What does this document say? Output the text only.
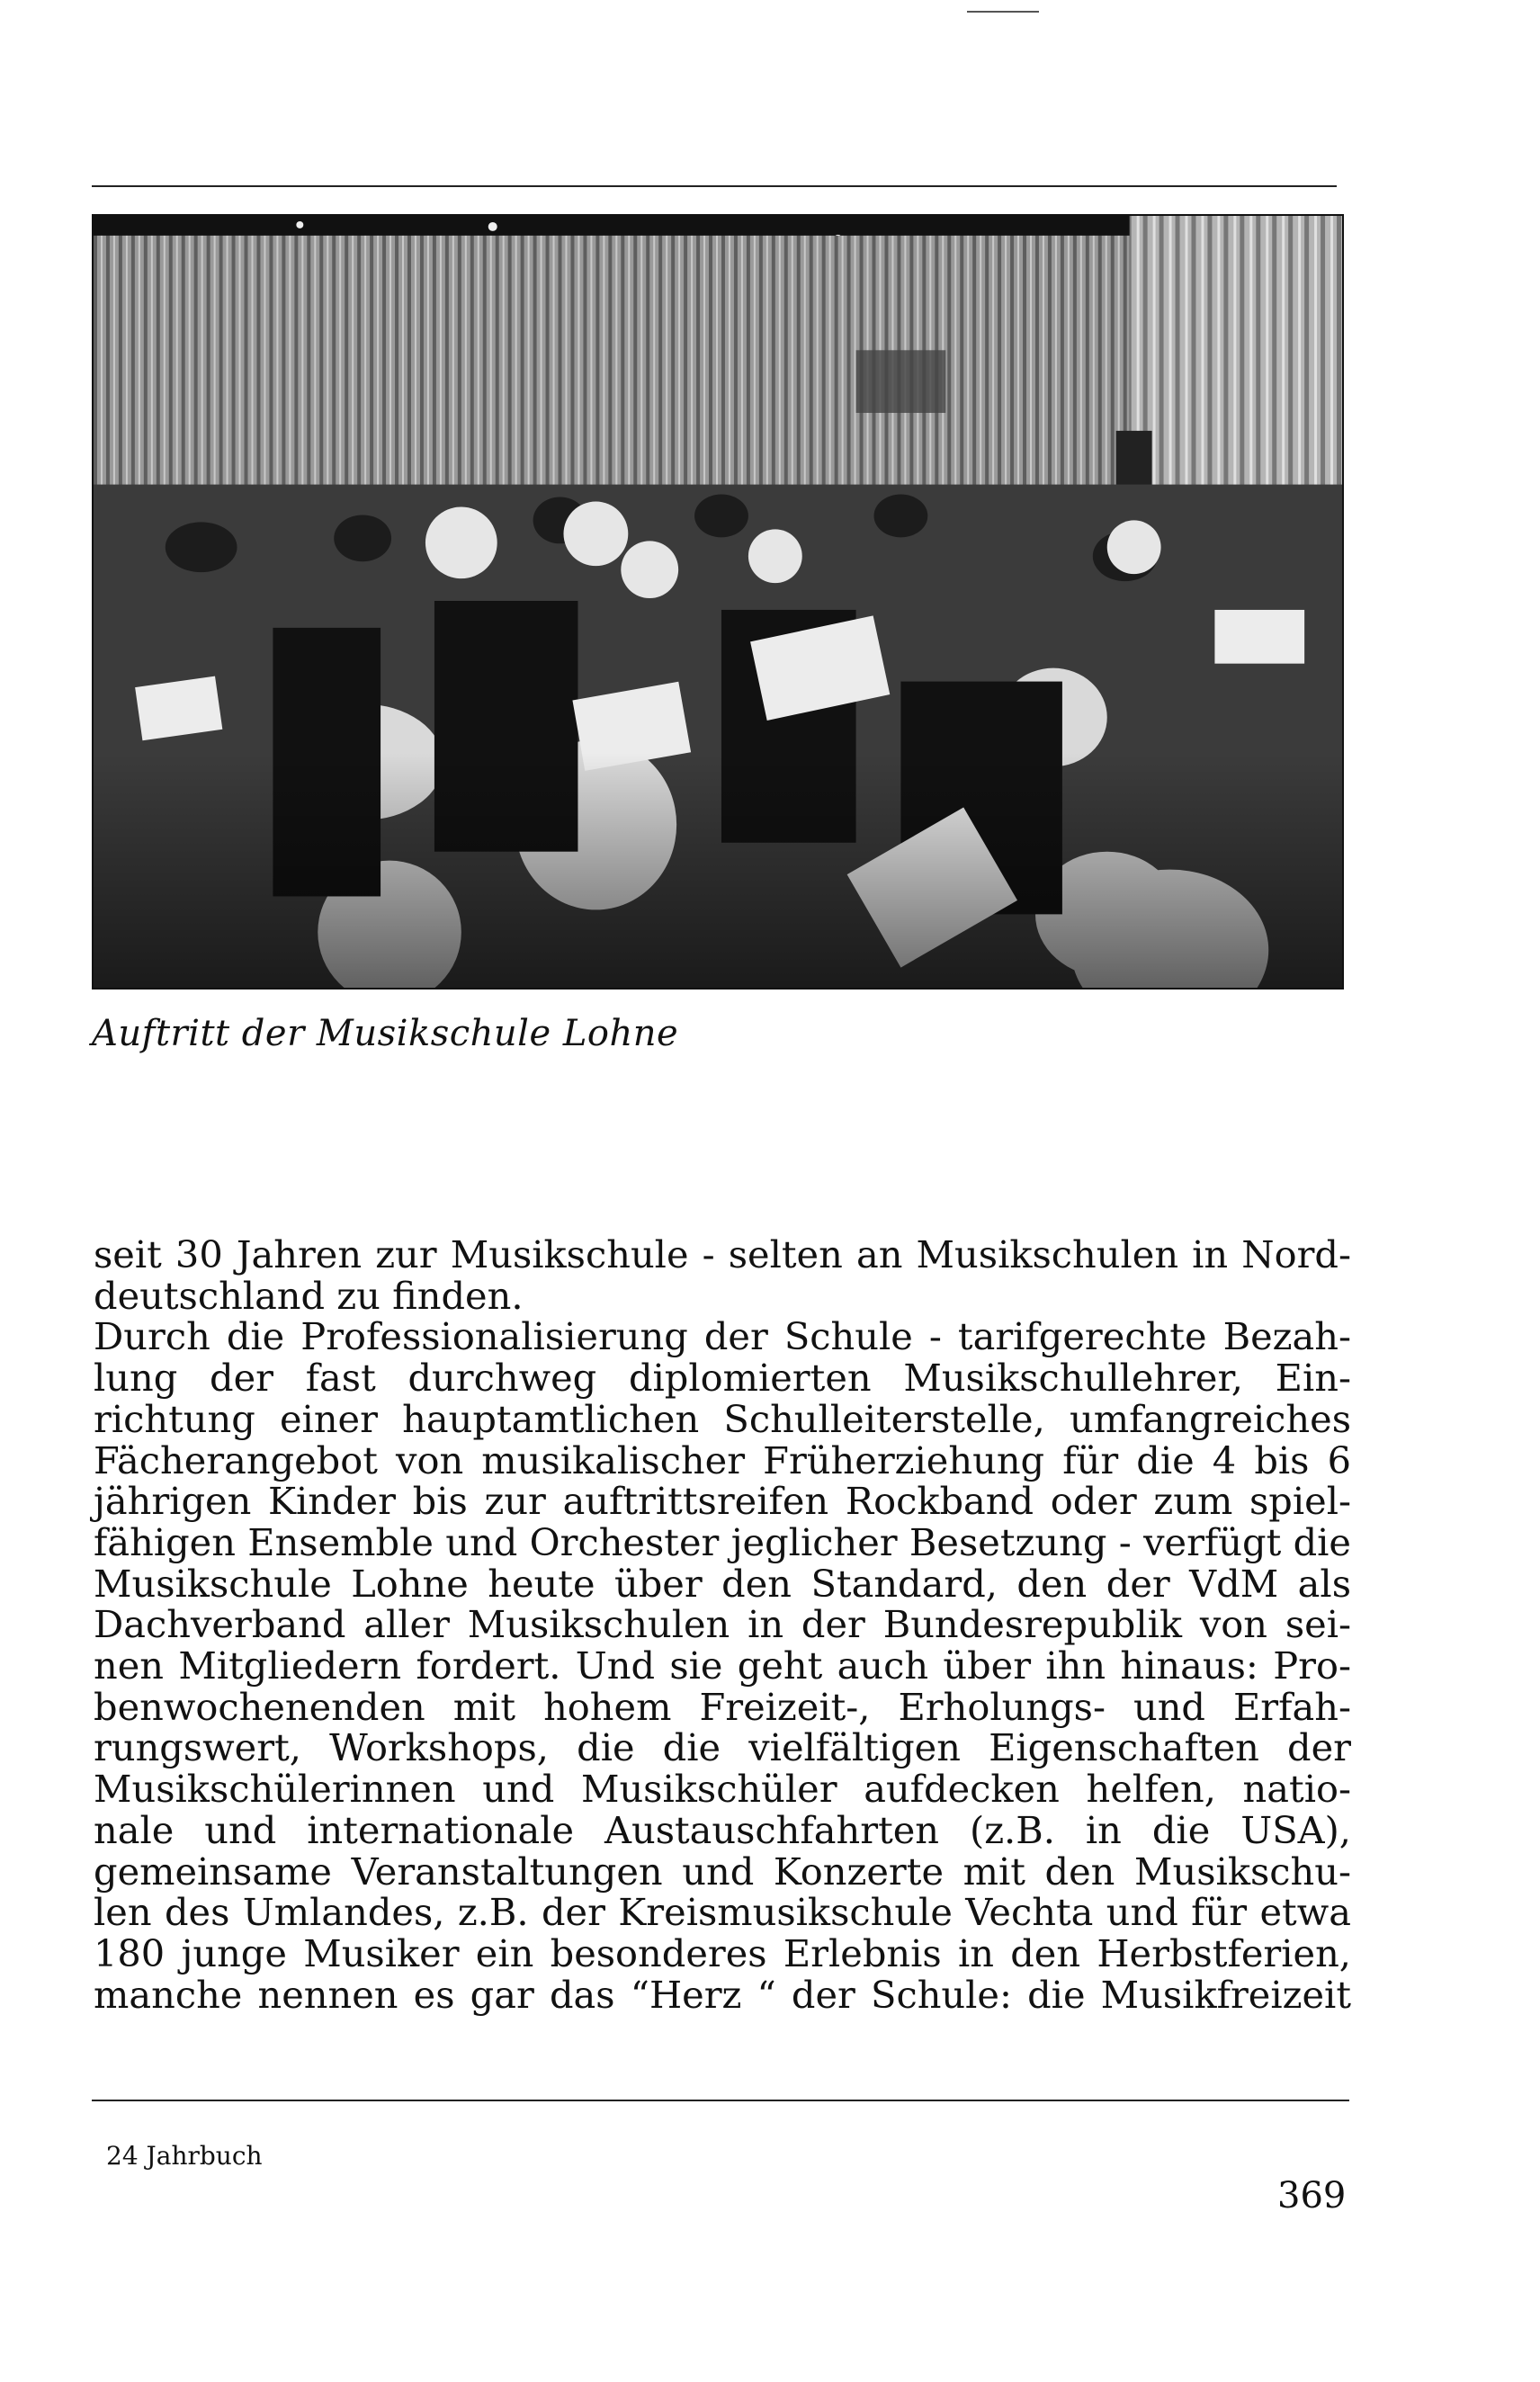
Auftritt der Musikschule Lohne

seit 30 Jahren zur Musikschule - selten an Musikschulen in Nord-

deutschland zu finden.

Durch die Professionalisierung der Schule - tarifgerechte Bezah-

lung der fast durchweg diplomierten Musikschullehrer, Ein-

richtung einer hauptamtlichen Schulleiterstelle, umfangreiches

Fächerangebot von musikalischer Früherziehung für die 4 bis 6

jährigen Kinder bis zur auftrittsreifen Rockband oder zum spiel-

fähigen Ensemble und Orchester jeglicher Besetzung - verfügt die

Musikschule Lohne heute über den Standard, den der VdM als

Dachverband aller Musikschulen in der Bundesrepublik von sei-

nen Mitgliedern fordert. Und sie geht auch über ihn hinaus: Pro-

benwochenenden mit hohem Freizeit-, Erholungs- und Erfah-

rungswert, Workshops, die die vielfältigen Eigenschaften der

Musikschülerinnen und Musikschüler aufdecken helfen, natio-

nale und internationale Austauschfahrten (z.B. in die USA),

gemeinsame Veranstaltungen und Konzerte mit den Musikschu-

len des Umlandes, z.B. der Kreismusikschule Vechta und für etwa

180 junge Musiker ein besonderes Erlebnis in den Herbstferien,

manche nennen es gar das “Herz “ der Schule: die Musikfreizeit

24 Jahrbuch
369
